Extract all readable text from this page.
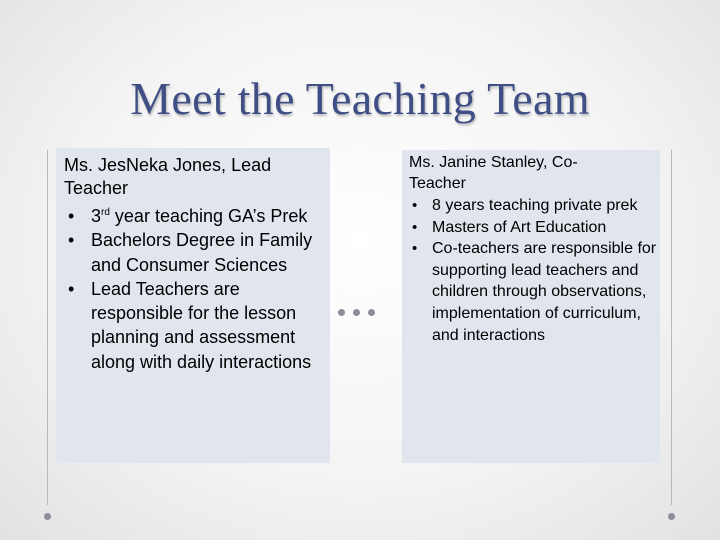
Meet the Teaching Team
Ms. JesNeka Jones, Lead
Teacher
• 3rd year teaching GA’s Prek
• Bachelors Degree in Family and Consumer Sciences
• Lead Teachers are responsible for the lesson planning and assessment along with daily interactions
Ms. Janine Stanley, Co-
Teacher
• 8 years teaching private prek
• Masters of Art Education
• Co-teachers are responsible for supporting lead teachers and children through observations, implementation of curriculum, and interactions
